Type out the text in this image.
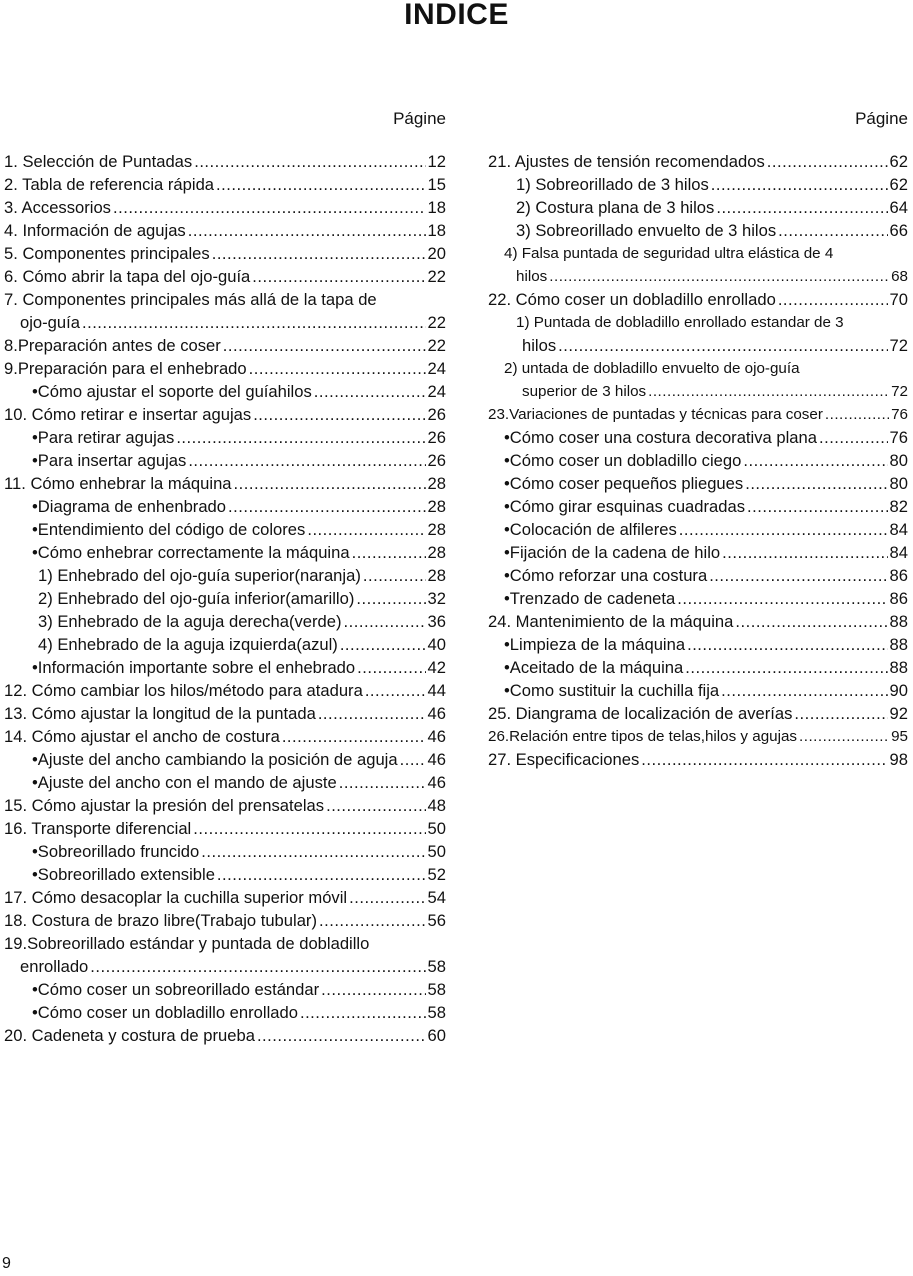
INDICE
Págine
1. Selección de Puntadas .....	12
2. Tabla de referencia rápida .....	15
3. Accessorios .....	18
4. Información de agujas .....	18
5. Componentes principales .....	20
6. Cómo abrir la tapa del ojo-guía .....	22
7. Componentes principales más allá de la tapa de
ojo-guía .....	22
8.Preparación antes de coser .....	22
9.Preparación para el enhebrado .....	24
•Cómo ajustar el soporte del guíahilos .....	24
10. Cómo retirar e insertar agujas .....	26
•Para retirar agujas .....	26
•Para insertar agujas .....	26
11. Cómo enhebrar la máquina .....	28
•Diagrama de enhenbrado .....	28
•Entendimiento del código de colores .....	28
•Cómo enhebrar correctamente la máquina .....	28
1) Enhebrado del ojo-guía superior(naranja) .....	28
2) Enhebrado del ojo-guía inferior(amarillo) .....	32
3) Enhebrado de la aguja derecha(verde) .....	36
4) Enhebrado de la aguja izquierda(azul) .....	40
•Información importante sobre el enhebrado .....	42
12. Cómo cambiar los hilos/método para atadura .....	44
13. Cómo ajustar la longitud de la puntada .....	46
14. Cómo ajustar el ancho de costura .....	46
•Ajuste del ancho cambiando la posición de aguja ..... 46
•Ajuste del ancho con el mando de ajuste .....	46
15. Cómo ajustar la presión del prensatelas .....	48
16. Transporte diferencial .....	50
•Sobreorillado fruncido .....	50
•Sobreorillado extensible .....	52
17. Cómo desacoplar la cuchilla superior móvil .....	54
18. Costura de brazo libre(Trabajo tubular) .....	56
19.Sobreorillado estándar y puntada de dobladillo
enrollado .....	58
•Cómo coser un sobreorillado estándar .....	58
•Cómo coser un dobladillo enrollado .....	58
20. Cadeneta y costura de prueba .....	60
Págine
21. Ajustes de tensión recomendados .....	62
1) Sobreorillado de 3 hilos .....	62
2) Costura plana de 3 hilos .....	64
3) Sobreorillado envuelto de 3 hilos .....	66
4) Falsa puntada de seguridad ultra elástica de 4
hilos .....	68
22. Cómo coser un dobladillo enrollado .....	70
1) Puntada de dobladillo enrollado estandar de 3
hilos .....	72
2) untada de dobladillo envuelto de ojo-guía
superior de 3 hilos .....	72
23.Variaciones de puntadas y técnicas para coser .....	76
•Cómo coser una costura decorativa plana .....	76
•Cómo coser un dobladillo ciego .....	80
•Cómo coser pequeños pliegues .....	80
•Cómo girar esquinas cuadradas .....	82
•Colocación de alfileres .....	84
•Fijación de la cadena de hilo .....	84
•Cómo reforzar una costura .....	86
•Trenzado de cadeneta .....	86
24. Mantenimiento de la máquina .....	88
•Limpieza de la máquina .....	88
•Aceitado de la máquina .....	88
•Como sustituir la cuchilla fija .....	90
25. Diangrama de localización de averías .....	92
26.Relación entre tipos de telas,hilos y agujas .....	95
27. Especificaciones .....	98
9
